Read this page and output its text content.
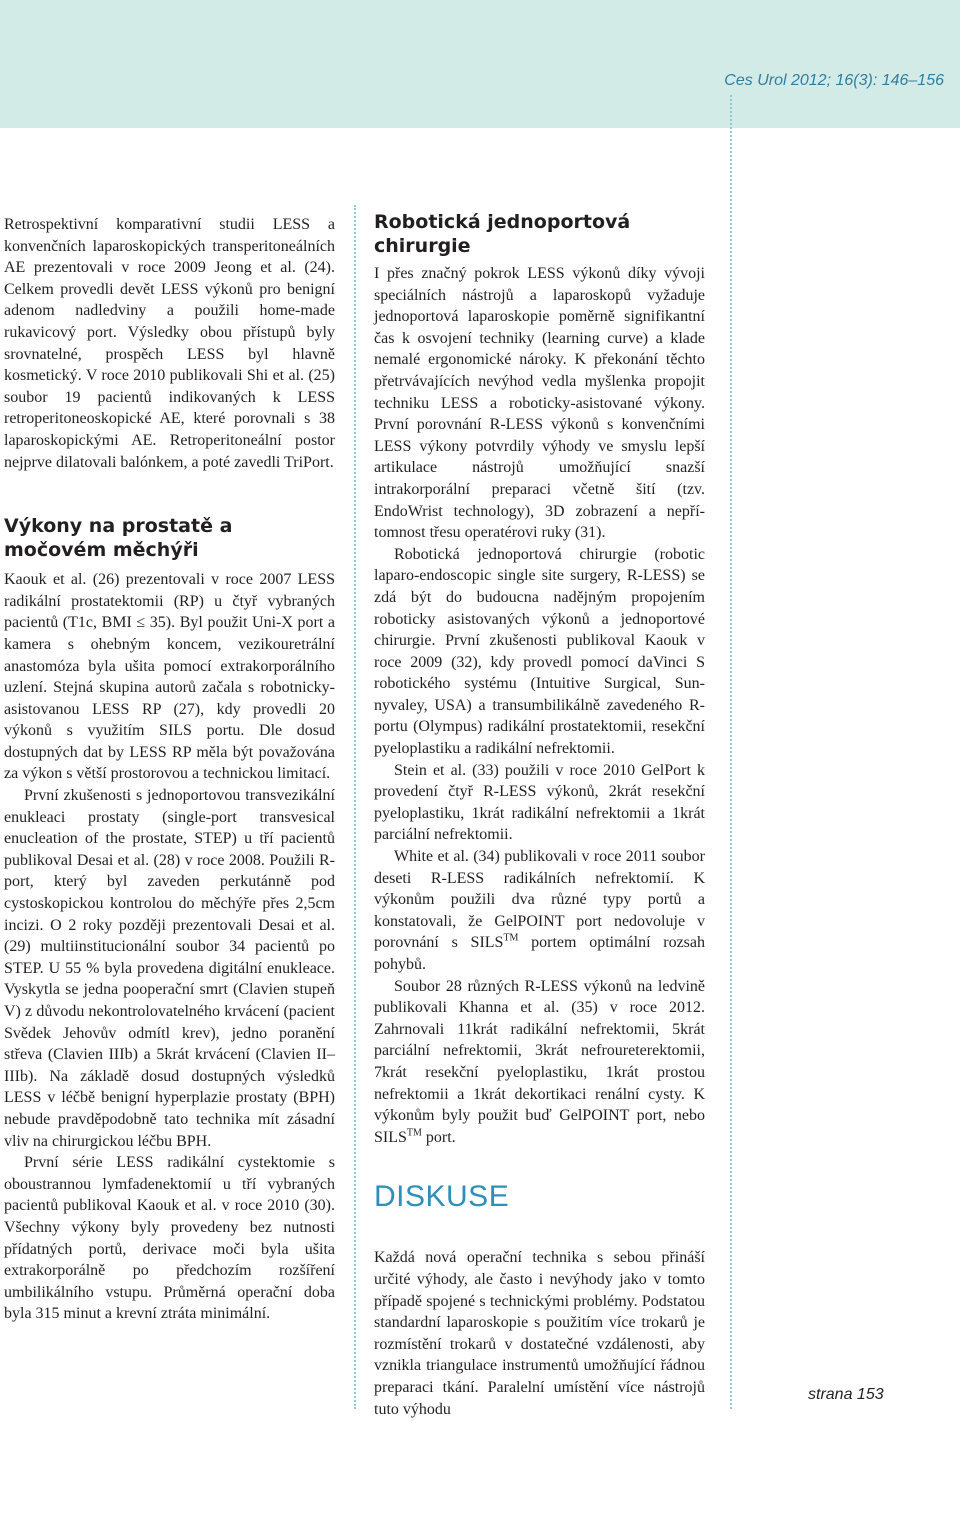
Ces Urol 2012; 16(3): 146–156

Retrospektivní komparativní studii LESS a konvenčních laparoskopických transperitoneálních AE prezentovali v roce 2009 Jeong et al. (24). Celkem provedli devět LESS výkonů pro benigní adenom nadledviny a použili home-made rukavicový port. Výsledky obou přístupů byly srovnatelné, prospěch LESS byl hlavně kosmetický. V roce 2010 publikovali Shi et al. (25) soubor 19 pacientů indikovaných k LESS retroperitoneoskopické AE, které porovnali s 38 laparoskopickými AE. Retroperitoneální postor nejprve dilatovali balónkem, a poté zavedli TriPort.

Výkony na prostatě a močovém měchýři

Kaouk et al. (26) prezentovali v roce 2007 LESS radikální prostatektomii (RP) u čtyř vybraných pacientů (T1c, BMI ≤ 35). Byl použit Uni-X port a kamera s ohebným koncem, vezikouretrální anastomóza byla ušita pomocí extrakorporálního uzlení. Stejná skupina autorů začala s robotnicky-asistovanou LESS RP (27), kdy provedli 20 výkonů s využitím SILS portu. Dle dosud dostupných dat by LESS RP měla být považována za výkon s větší prostorovou a technickou limitací.

První zkušenosti s jednoportovou transvezikální enukleaci prostaty (single-port transvesical enucleation of the prostate, STEP) u tří pacientů publikoval Desai et al. (28) v roce 2008. Použili R-port, který byl zaveden perkutánně pod cystoskopickou kontrolou do měchýře přes 2,5cm incizi. O 2 roky později prezentovali Desai et al. (29) multiinstitucionální soubor 34 pacientů po STEP. U 55 % byla provedena digitální enukleace. Vyskytla se jedna pooperační smrt (Clavien stupeň V) z důvodu nekontrolovatelného krvácení (pacient Svědek Jehovův odmítl krev), jedno poranění střeva (Clavien IIIb) a 5krát krvácení (Clavien II–IIIb). Na základě dosud dostupných výsledků LESS v léčbě benigní hyperplazie prostaty (BPH) nebude pravděpodobně tato technika mít zásadní vliv na chirurgickou léčbu BPH.

První série LESS radikální cystektomie s oboustrannou lymfadenektomií u tří vybraných pacientů publikoval Kaouk et al. v roce 2010 (30). Všechny výkony byly provedeny bez nutnosti přídatných portů, derivace moči byla ušita extrakorporálně po předchozím rozšíření umbilikálního vstupu. Průměrná operační doba byla 315 minut a krevní ztráta minimální.

Robotická jednoportová chirurgie

I přes značný pokrok LESS výkonů díky vývoji speciálních nástrojů a laparoskopů vyžaduje jednoportová laparoskopie poměrně signifikantní čas k osvojení techniky (learning curve) a klade nemalé ergonomické nároky. K překonání těchto přetrvávajících nevýhod vedla myšlenka propojit techniku LESS a roboticky-asistované výkony. První porovnání R-LESS výkonů s konvenčními LESS výkony potvrdily výhody ve smyslu lepší artikulace nástrojů umožňující snazší intrakorporální preparaci včetně šití (tzv. EndoWrist technology), 3D zobrazení a nepřítomnost třesu operatérovi ruky (31).

Robotická jednoportová chirurgie (robotic laparo-endoscopic single site surgery, R-LESS) se zdá být do budoucna nadějným propojením roboticky asistovaných výkonů a jednoportové chirurgie. První zkušenosti publikoval Kaouk v roce 2009 (32), kdy provedl pomocí daVinci S robotického systému (Intuitive Surgical, Sunnyvaley, USA) a transumbilikálně zavedeného R-portu (Olympus) radikální prostatektomii, resekční pyeloplastiku a radikální nefrektomii.

Stein et al. (33) použili v roce 2010 GelPort k provedení čtyř R-LESS výkonů, 2krát resekční pyeloplastiku, 1krát radikální nefrektomii a 1krát parciální nefrektomii.

White et al. (34) publikovali v roce 2011 soubor deseti R-LESS radikálních nefrektomií. K výkonům použili dva různé typy portů a konstatovali, že GelPOINT port nedovoluje v porovnání s SILS™ portem optimální rozsah pohybů.

Soubor 28 různých R-LESS výkonů na ledvině publikovali Khanna et al. (35) v roce 2012. Zahrnovali 11krát radikální nefrektomii, 5krát parciální nefrektomii, 3krát nefroureterektomii, 7krát resekční pyeloplastiku, 1krát prostou nefrektomii a 1krát dekortikaci renální cysty. K výkonům byly použit buď GelPOINT port, nebo SILS™ port.

DISKUSE

Každá nová operační technika s sebou přináší určité výhody, ale často i nevýhody jako v tomto případě spojené s technickými problémy. Podstatou standardní laparoskopie s použitím více trokarů je rozmístění trokarů v dostatečné vzdálenosti, aby vznikla triangulace instrumentů umožňující řádnou preparaci tkání. Paralelní umístění více nástrojů tuto výhodu

strana 153
